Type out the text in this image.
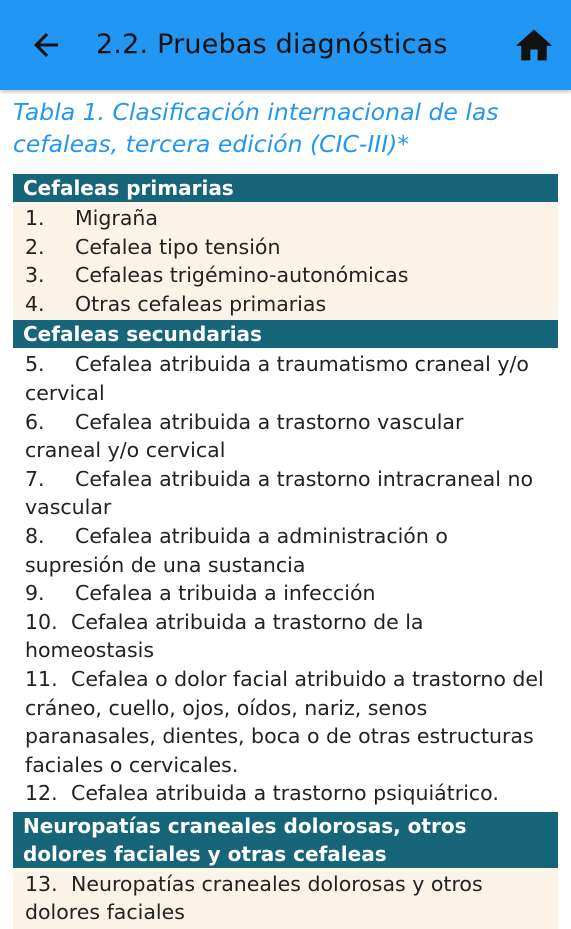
2.2. Pruebas diagnósticas
Tabla 1. Clasificación internacional de las cefaleas, tercera edición (CIC-III)*
Cefaleas primarias
1. Migraña
2. Cefalea tipo tensión
3. Cefaleas trigémino-autonómicas
4. Otras cefaleas primarias
Cefaleas secundarias
5. Cefalea atribuida a traumatismo craneal y/o cervical
6. Cefalea atribuida a trastorno vascular craneal y/o cervical
7. Cefalea atribuida a trastorno intracraneal no vascular
8. Cefalea atribuida a administración o supresión de una sustancia
9. Cefalea a tribuida a infección
10. Cefalea atribuida a trastorno de la homeostasis
11. Cefalea o dolor facial atribuido a trastorno del cráneo, cuello, ojos, oídos, nariz, senos paranasales, dientes, boca o de otras estructuras faciales o cervicales.
12. Cefalea atribuida a trastorno psiquiátrico.
Neuropatías craneales dolorosas, otros dolores faciales y otras cefaleas
13. Neuropatías craneales dolorosas y otros dolores faciales
